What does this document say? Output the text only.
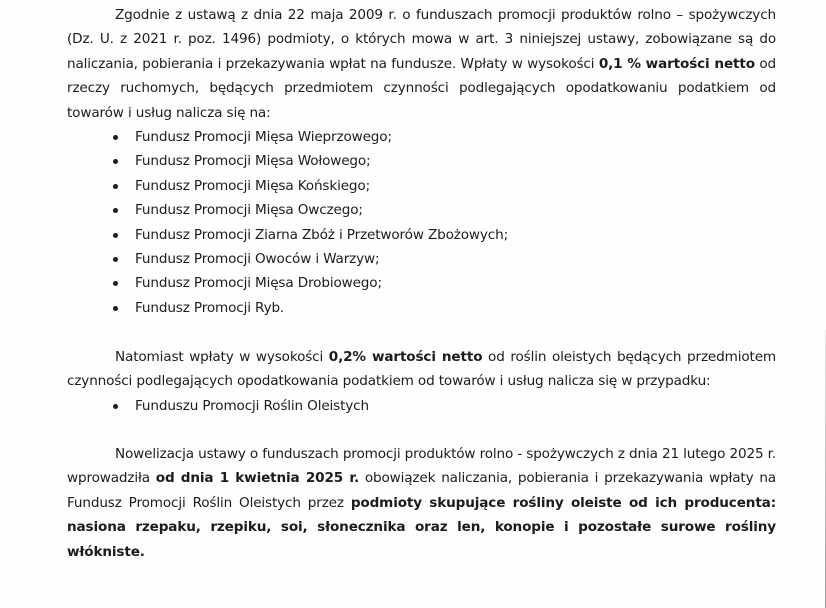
Zgodnie z ustawą z dnia 22 maja 2009 r. o funduszach promocji produktów rolno – spożywczych (Dz. U. z 2021 r. poz. 1496) podmioty, o których mowa w art. 3 niniejszej ustawy, zobowiązane są do naliczania, pobierania i przekazywania wpłat na fundusze. Wpłaty w wysokości 0,1 % wartości netto od rzeczy ruchomych, będących przedmiotem czynności podlegających opodatkowaniu podatkiem od towarów i usług nalicza się na:

Fundusz Promocji Mięsa Wieprzowego;
Fundusz Promocji Mięsa Wołowego;
Fundusz Promocji Mięsa Końskiego;
Fundusz Promocji Mięsa Owczego;
Fundusz Promocji Ziarna Zbóż i Przetworów Zbożowych;
Fundusz Promocji Owoców i Warzyw;
Fundusz Promocji Mięsa Drobiowego;
Fundusz Promocji Ryb.

Natomiast wpłaty w wysokości 0,2% wartości netto od roślin oleistych będących przedmiotem czynności podlegających opodatkowania podatkiem od towarów i usług nalicza się w przypadku:

Funduszu Promocji Roślin Oleistych

Nowelizacja ustawy o funduszach promocji produktów rolno - spożywczych z dnia 21 lutego 2025 r. wprowadziła od dnia 1 kwietnia 2025 r. obowiązek naliczania, pobierania i przekazywania wpłaty na Fundusz Promocji Roślin Oleistych przez podmioty skupujące rośliny oleiste od ich producenta: nasiona rzepaku, rzepiku, soi, słonecznika oraz len, konopie i pozostałe surowe rośliny włókniste.
